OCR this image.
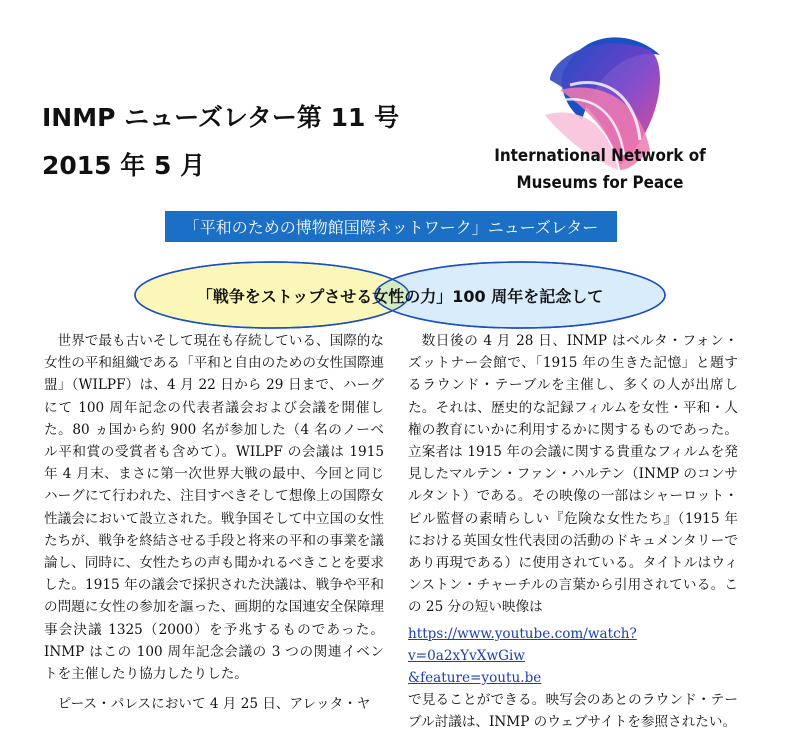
INMP ニューズレター第 11 号
2015 年 5 月	International Network of
Museums for Peace
「平和のための博物館国際ネットワーク」ニューズレター
「戦争をストップさせる 女性の力 」100 周年を記念して

世界で最も古いそして現在も存続している、国際的な女性の平和組織である「平和と自由のための女性国際連盟」（WILPF）は、4 月 22 日から 29 日まで、ハーグにて 100 周年記念の代表者議会および会議を開催した。80 ヵ国から約 900 名が参加した（4 名のノーベル平和賞の受賞者も含めて）。WILPF の会議は 1915 年 4 月末、まさに第一次世界大戦の最中、今回と同じハーグにて行われた、注目すべきそして想像上の国際女性議会において設立された。戦争国そして中立国の女性たちが、戦争を終結させる手段と将来の平和の事業を議論し、同時に、女性たちの声も聞かれるべきことを要求した。1915 年の議会で採択された決議は、戦争や平和の問題に女性の参加を謳った、画期的な国連安全保障理事会決議 1325（2000）を予兆するものであった。INMP はこの 100 周年記念会議の 3 つの関連イベントを主催したり協力したりした。

ピース・パレスにおいて 4 月 25 日、アレッタ・ヤ

数日後の 4 月 28 日、INMP はベルタ・フォン・ズットナー会館で、「1915 年の生きた記憶」と題するラウンド・テーブルを主催し、多くの人が出席した。それは、歴史的な記録フィルムを女性・平和・人権の教育にいかに利用するかに関するものであった。立案者は 1915 年の会議に関する貴重なフィルムを発見したマルテン・ファン・ハルテン（INMP のコンサルタント）である。その映像の一部はシャーロット・ビル監督の素晴らしい『危険な女性たち』（1915 年における英国女性代表団の活動のドキュメンタリーであり再現である）に使用されている。タイトルはウィンストン・チャーチルの言葉から引用されている。この 25 分の短い映像は

https://www.youtube.com/watch?v=0a2xYvXwGiw

&feature=youtu.be

で見ることができる。映写会のあとのラウンド・テーブル討議は、INMP のウェブサイトを参照されたい。
